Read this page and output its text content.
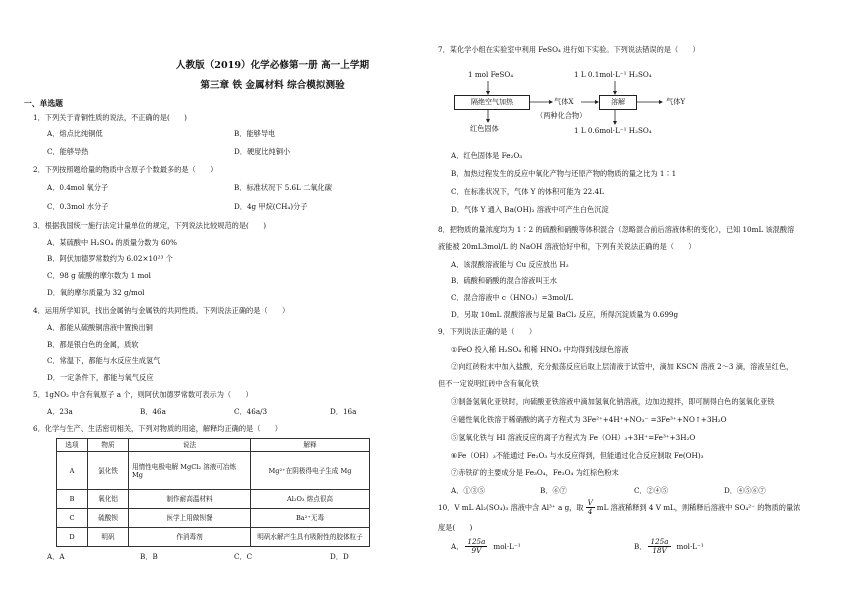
人教版（2019）化学必修第一册 高一上学期
第三章 铁 金属材料 综合模拟测验
一、单选题
1．下列关于青铜性质的说法，不正确的是(　　)
A．熔点比纯铜低	B．能够导电
C．能够导热	D．硬度比纯铜小
2．下列按照题给量的物质中含原子个数最多的是（　　）
A．0.4mol 氧分子	B．标准状况下 5.6L 二氧化碳
C．0.3mol 水分子	D．4g 甲烷(CH₄)分子
3．根据我国统一施行法定计量单位的规定，下列说法比较规范的是(　　)
A．某硫酸中 H₂SO₄ 的质量分数为 60%
B．阿伏加德罗常数约为 6.02×10²³ 个
C．98 g 硫酸的摩尔数为 1 mol
D．氧的摩尔质量为 32 g/mol
4．运用所学知识，找出金属钠与金属铁的共同性质。下列说法正确的是（　　）
A．都能从硫酸铜溶液中置换出铜
B．都是银白色的金属，质软
C．常温下，都能与水反应生成氢气
D．一定条件下，都能与氧气反应
5．1gNO₂ 中含有氧原子 a 个，则阿伏加德罗常数可表示为（　　）
A．23a	B．46a	C．46a/3	D．16a
6．化学与生产、生活密切相关，下列对物质的用途，解释均正确的是（　　）
选项	物质	说法	解释
A	氯化铁	用惰性电极电解 MgCl₂ 溶液可冶炼 Mg	Mg²⁺在阴极得电子生成 Mg
B	氧化铝	制作耐高温材料	Al₂O₃ 熔点很高
C	硫酸钡	医学上用做钡餐	Ba²⁺无毒
D	明矾	作消毒剂	明矾水解产生具有吸附性的胶体粒子
A．A	B．B	C．C	D．D
7．某化学小组在实验室中利用 FeSO₄ 进行如下实验。下列说法错误的是（　　）
1 mol FeSO₄	1 L 0.1mol·L⁻¹ H₂SO₄
隔绝空气加热	气体X
（两种化合物）
溶解	气体Y
红色固体	1 L 0.6mol·L⁻¹ H₂SO₄
A．红色固体是 Fe₂O₃
B．加热过程发生的反应中氧化产物与还原产物的物质的量之比为 1∶1
C．在标准状况下，气体 Y 的体积可能为 22.4L
D．气体 Y 通入 Ba(OH)₂ 溶液中可产生白色沉淀
8．把物质的量浓度均为 1∶2 的硫酸和硝酸等体积混合（忽略混合前后溶液体积的变化），已知 10mL 该混酸溶
液能被 20mL3mol/L 的 NaOH 溶液恰好中和，下列有关说法正确的是（　　）
A．该混酸溶液能与 Cu 反应放出 H₂
B．硫酸和硝酸的混合溶液叫王水
C．混合溶液中 c（HNO₃）=3mol/L
D．另取 10mL 混酸溶液与足量 BaCl₂ 反应，所得沉淀质量为 0.699g
9．下列说法正确的是（　　）
①FeO 投入稀 H₂SO₄ 和稀 HNO₃ 中均得到浅绿色溶液
②向红砖粉末中加入盐酸，充分振荡反应后取上层清液于试管中，滴加 KSCN 溶液 2～3 滴，溶液呈红色，
但不一定说明红砖中含有氧化铁
③制备氢氧化亚铁时，向硫酸亚铁溶液中滴加氢氧化钠溶液，边加边搅拌，即可制得白色的氢氧化亚铁
④磁性氧化铁溶于稀硝酸的离子方程式为 3Fe²⁺+4H⁺+NO₃⁻ =3Fe³⁺+NO↑+3H₂O
⑤氢氧化铁与 HI 溶液反应的离子方程式为 Fe（OH）₃+3H⁺=Fe³⁺+3H₂O
⑥Fe（OH）₃不能通过 Fe₂O₃ 与水反应得到，但能通过化合反应制取 Fe(OH)₃
⑦赤铁矿的主要成分是 Fe₃O₄，Fe₃O₄ 为红棕色粉末
A．①③⑤	B．⑥⑦	C．②④⑤	D．④⑤⑥⑦
10．V mL Al₂(SO₄)₃ 溶液中含 Al³⁺ a g，取 $\frac{V}{4}$ mL 溶液稀释到 4 V mL，则稀释后溶液中 SO₄²⁻ 的物质的量浓
度是(　　)
A． $\frac{125a}{9V} mol\cdot L^{-1}$	B． $\frac{125a}{18V} mol\cdot L^{-1}$
